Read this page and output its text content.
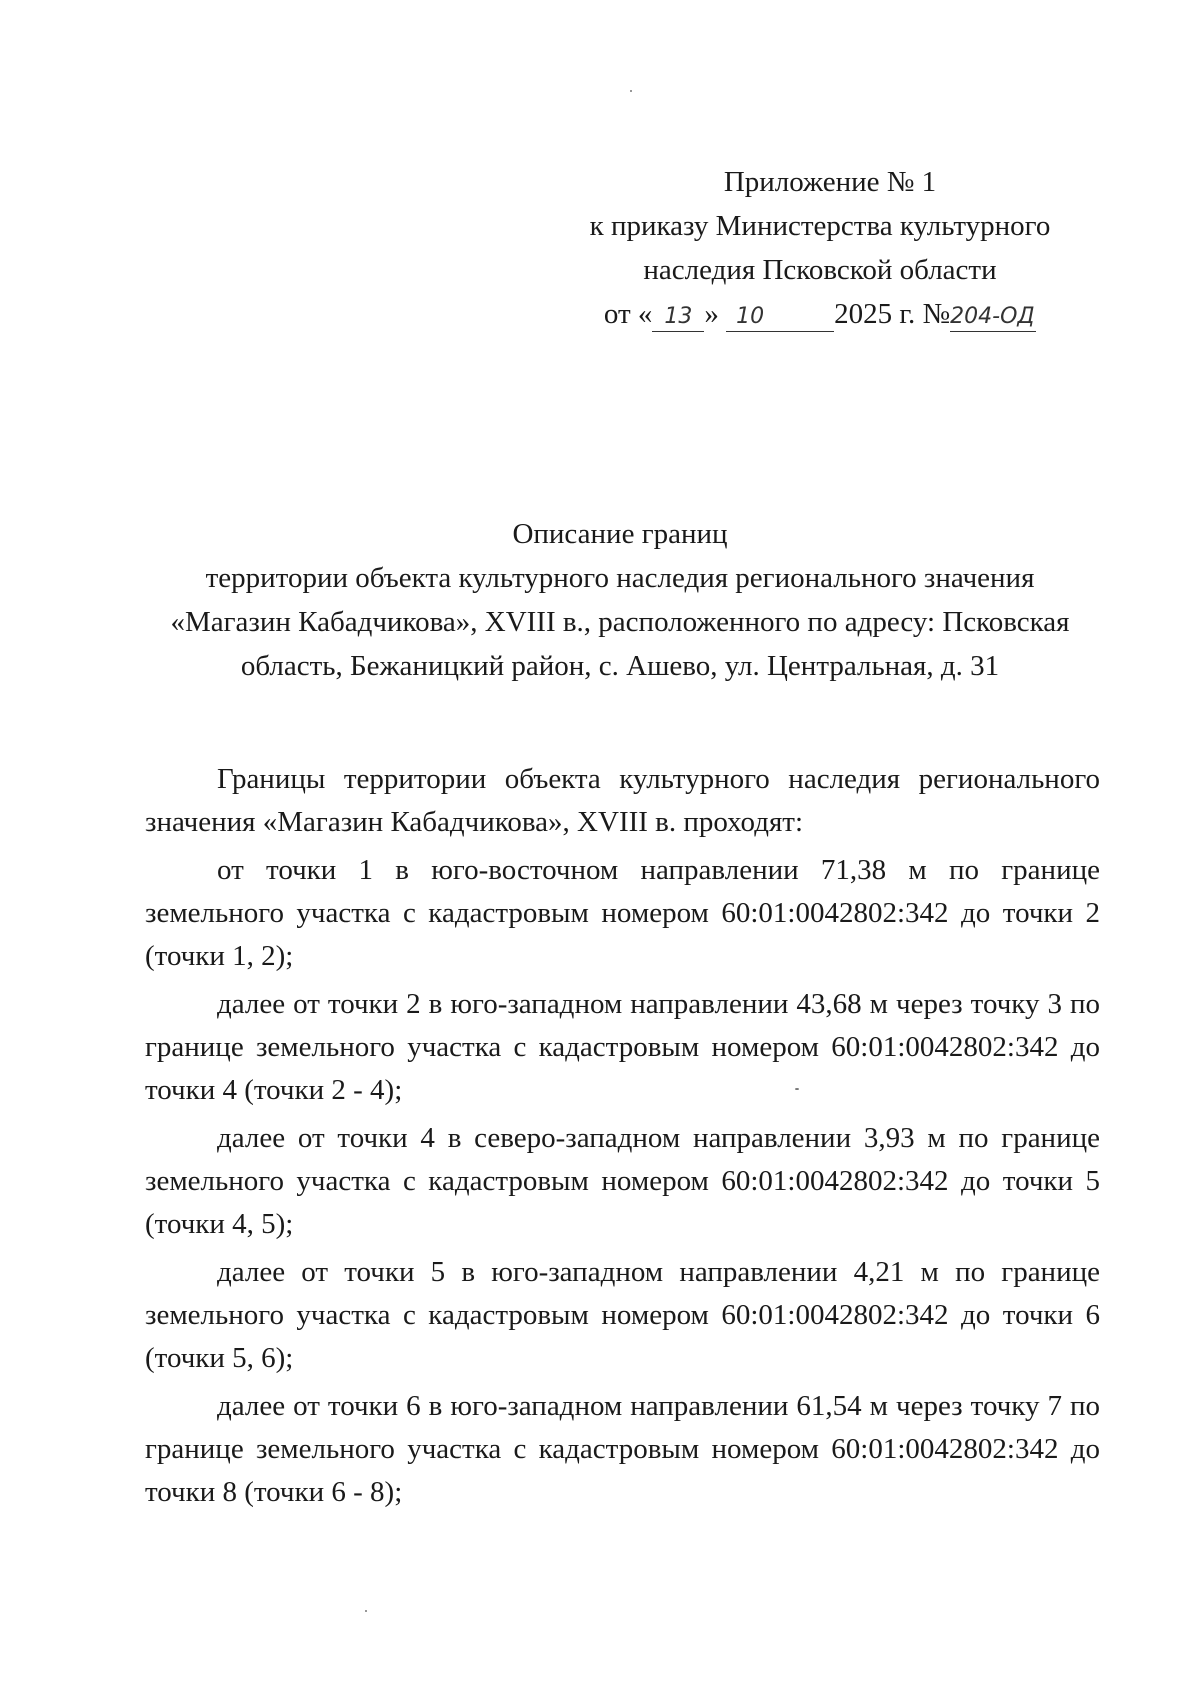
Приложение № 1
к приказу Министерства культурного
наследия Псковской области
от « 13 » 10 2025 г. №204-ОД

Описание границ

территории объекта культурного наследия регионального значения

«Магазин Кабадчикова», XVIII в., расположенного по адресу: Псковская

область, Бежаницкий район, с. Ашево, ул. Центральная, д. 31

Границы территории объекта культурного наследия регионального значения «Магазин Кабадчикова», XVIII в. проходят:

от точки 1 в юго-восточном направлении 71,38 м по границе земельного участка с кадастровым номером 60:01:0042802:342 до точки 2 (точки 1, 2);

далее от точки 2 в юго-западном направлении 43,68 м через точку 3 по границе земельного участка с кадастровым номером 60:01:0042802:342 до точки 4 (точки 2 - 4);

далее от точки 4 в северо-западном направлении 3,93 м по границе земельного участка с кадастровым номером 60:01:0042802:342 до точки 5 (точки 4, 5);

далее от точки 5 в юго-западном направлении 4,21 м по границе земельного участка с кадастровым номером 60:01:0042802:342 до точки 6 (точки 5, 6);

далее от точки 6 в юго-западном направлении 61,54 м через точку 7 по границе земельного участка с кадастровым номером 60:01:0042802:342 до точки 8 (точки 6 - 8);
